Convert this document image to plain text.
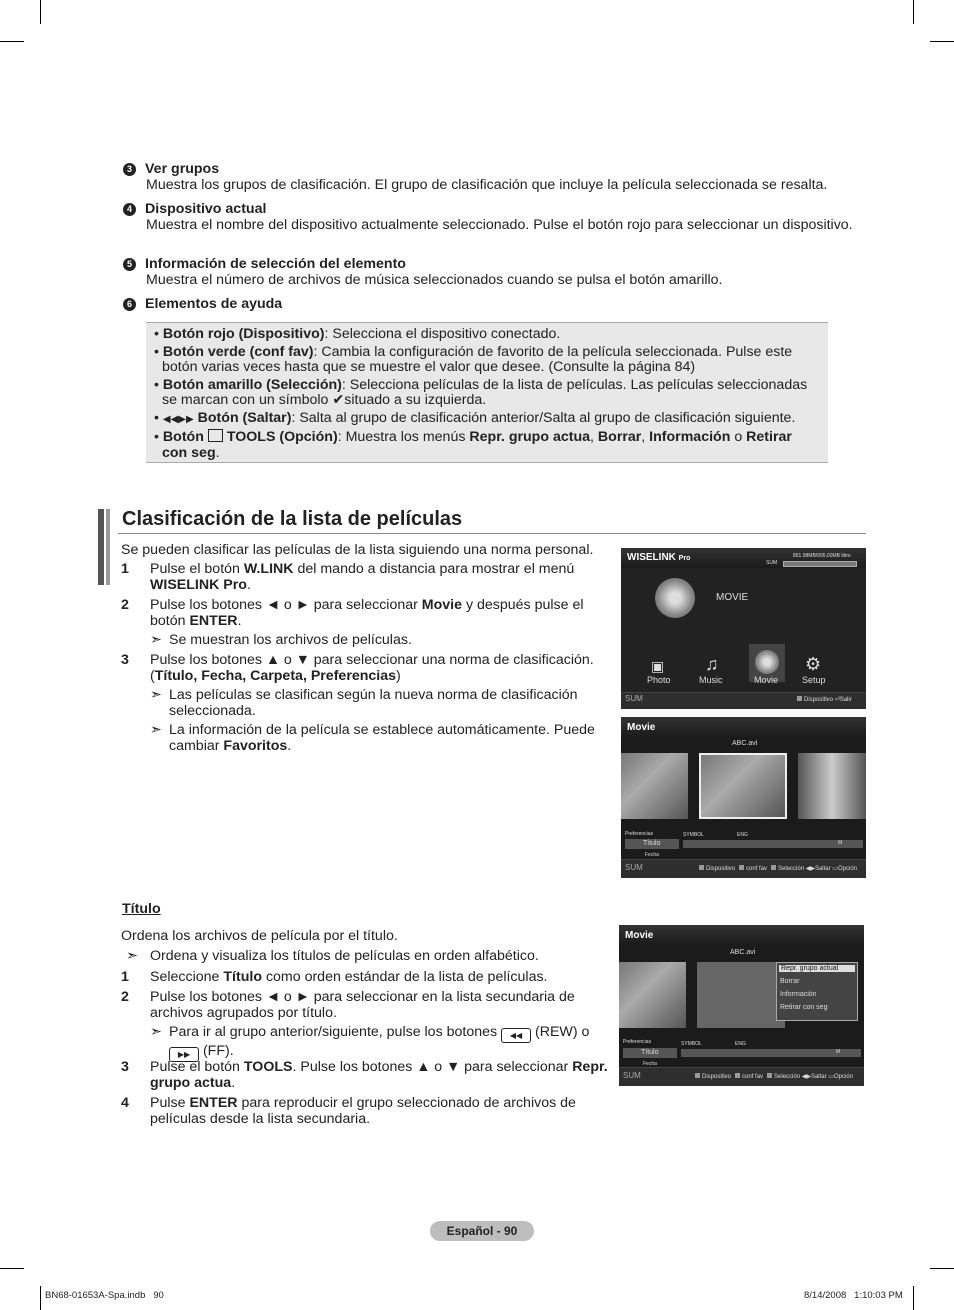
3 Ver grupos
Muestra los grupos de clasificación. El grupo de clasificación que incluye la película seleccionada se resalta.
4 Dispositivo actual
Muestra el nombre del dispositivo actualmente seleccionado. Pulse el botón rojo para seleccionar un dispositivo.
5 Información de selección del elemento
Muestra el número de archivos de música seleccionados cuando se pulsa el botón amarillo.
6 Elementos de ayuda
• Botón rojo (Dispositivo): Selecciona el dispositivo conectado.
• Botón verde (conf fav): Cambia la configuración de favorito de la película seleccionada. Pulse este botón varias veces hasta que se muestre el valor que desee. (Consulte la página 84)
• Botón amarillo (Selección): Selecciona películas de la lista de películas. Las películas seleccionadas se marcan con un símbolo ✔situado a su izquierda.
• ◀◀▶▶ Botón (Saltar): Salta al grupo de clasificación anterior/Salta al grupo de clasificación siguiente.
• Botón TOOLS (Opción): Muestra los menús Repr. grupo actua, Borrar, Información o Retirar con seg.
Clasificación de la lista de películas
Se pueden clasificar las películas de la lista siguiendo una norma personal.
1 Pulse el botón W.LINK del mando a distancia para mostrar el menú WISELINK Pro.
2 Pulse los botones ◄ o ► para seleccionar Movie y después pulse el botón ENTER.
➣ Se muestran los archivos de películas.
3 Pulse los botones ▲ o ▼ para seleccionar una norma de clasificación. (Título, Fecha, Carpeta, Preferencias)
➣ Las películas se clasifican según la nueva norma de clasificación seleccionada.
➣ La información de la película se establece automáticamente. Puede cambiar Favoritos.
WISELINK Pro	851.98MB/995.00MB libre
SUM
MOVIE
▣ ♫	⚙
Photo	Music	Movie	Setup
SUM	Dispositivo ⏎Salir
Movie
ABC.avi
Preferencias
Título
Fecha
SYMBOL	ENG
M
SUM	Dispositivo conf fav Selección ◀▶Saltar ▭Opción
Título
Ordena los archivos de película por el título.
➣ Ordena y visualiza los títulos de películas en orden alfabético.
1 Seleccione Título como orden estándar de la lista de películas.
2 Pulse los botones ◄ o ► para seleccionar en la lista secundaria de archivos agrupados por título.
➣ Para ir al grupo anterior/siguiente, pulse los botones ◀◀ (REW) o
▶▶ (FF).
3 Pulse el botón TOOLS. Pulse los botones ▲ o ▼ para seleccionar Repr. grupo actua.
4 Pulse ENTER para reproducir el grupo seleccionado de archivos de películas desde la lista secundaria.
Movie
ABC.avi
Repr. grupo actual
Borrar
Información
Retirar con seg
Preferencias
Título
Fecha
SYMBOL	ENG
M
SUM	Dispositivo conf fav Selección ◀▶Saltar ▭Opción
Español - 90
BN68-01653A-Spa.indb   90	8/14/2008   1:10:03 PM
